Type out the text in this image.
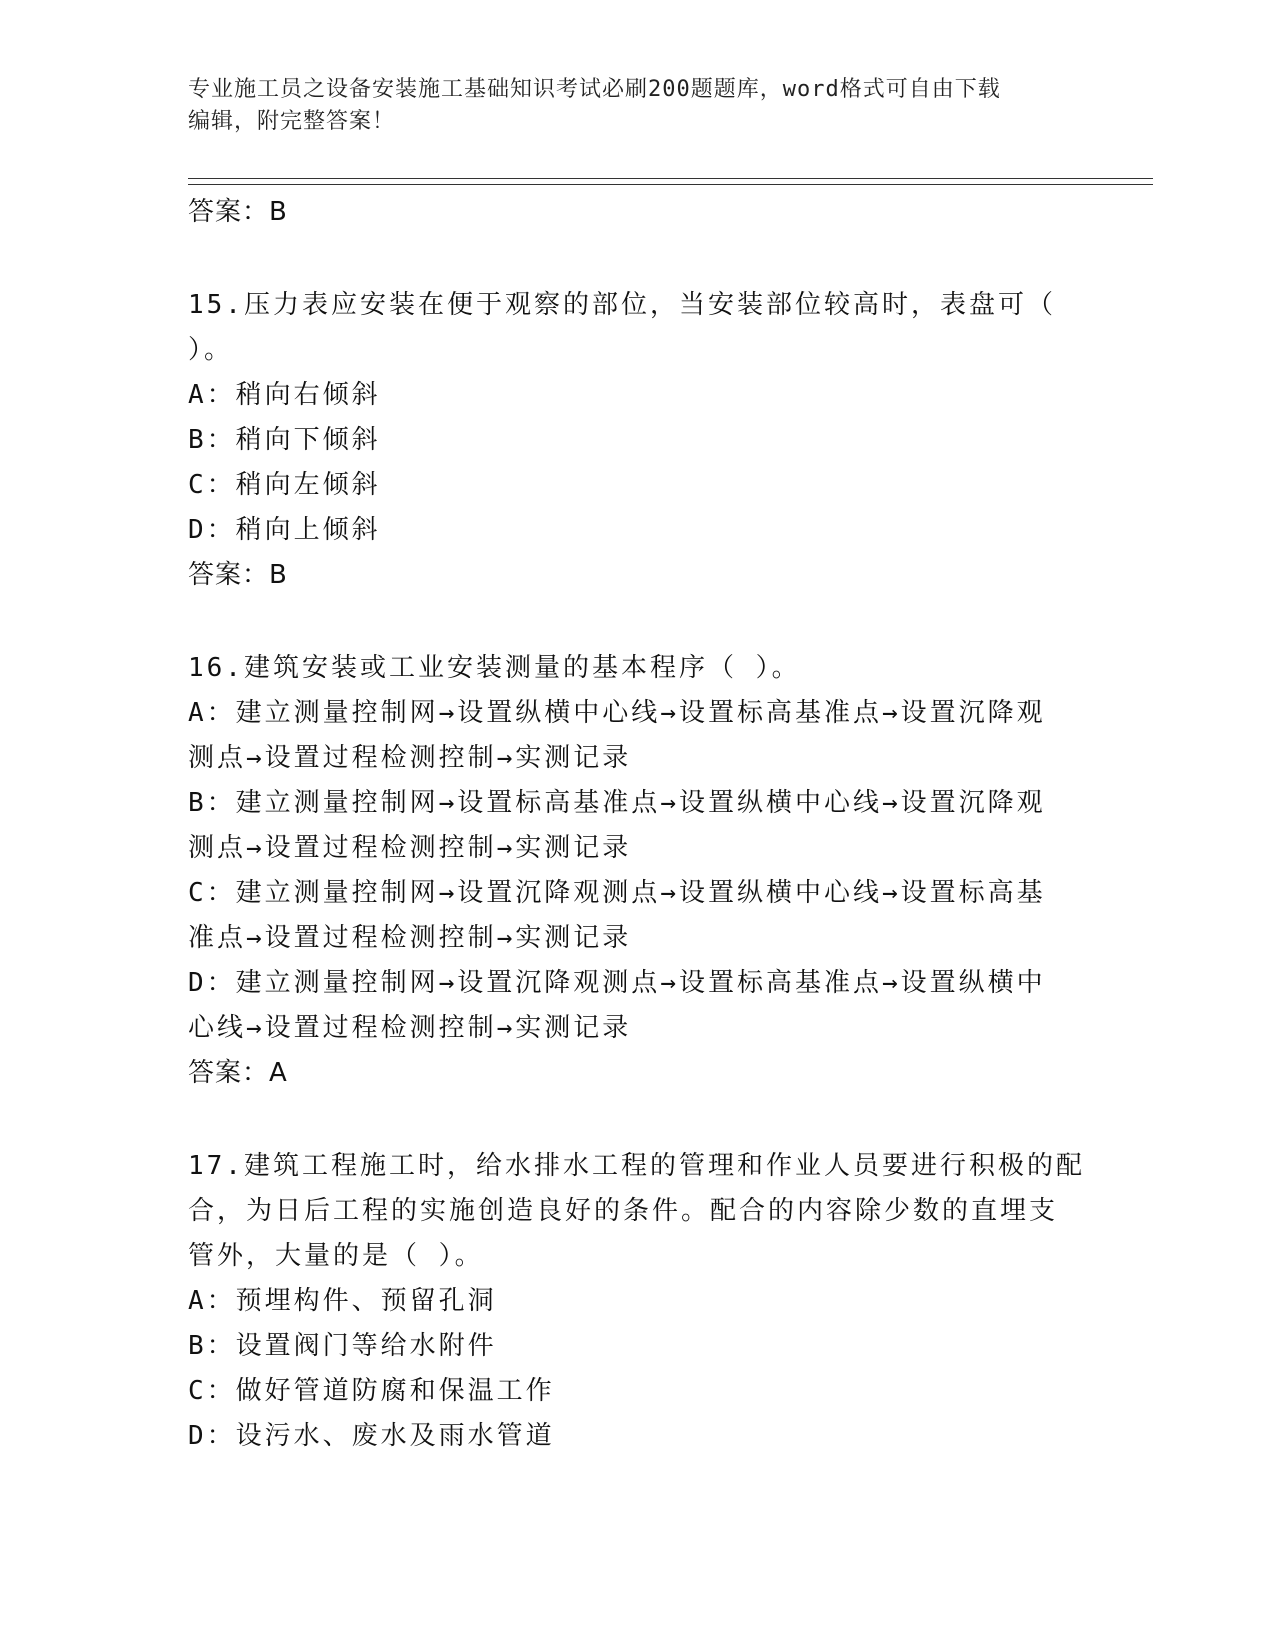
专业施工员之设备安装施工基础知识考试必刷200题题库，word格式可自由下载
编辑，附完整答案！
答案：B
15.压力表应安装在便于观察的部位，当安装部位较高时，表盘可（
）。
A：稍向右倾斜
B：稍向下倾斜
C：稍向左倾斜
D：稍向上倾斜
答案：B
16.建筑安装或工业安装测量的基本程序（ ）。
A：建立测量控制网→设置纵横中心线→设置标高基准点→设置沉降观
测点→设置过程检测控制→实测记录
B：建立测量控制网→设置标高基准点→设置纵横中心线→设置沉降观
测点→设置过程检测控制→实测记录
C：建立测量控制网→设置沉降观测点→设置纵横中心线→设置标高基
准点→设置过程检测控制→实测记录
D：建立测量控制网→设置沉降观测点→设置标高基准点→设置纵横中
心线→设置过程检测控制→实测记录
答案：A
17.建筑工程施工时，给水排水工程的管理和作业人员要进行积极的配
合，为日后工程的实施创造良好的条件。配合的内容除少数的直埋支
管外，大量的是（ ）。
A：预埋构件、预留孔洞
B：设置阀门等给水附件
C：做好管道防腐和保温工作
D：设污水、废水及雨水管道
